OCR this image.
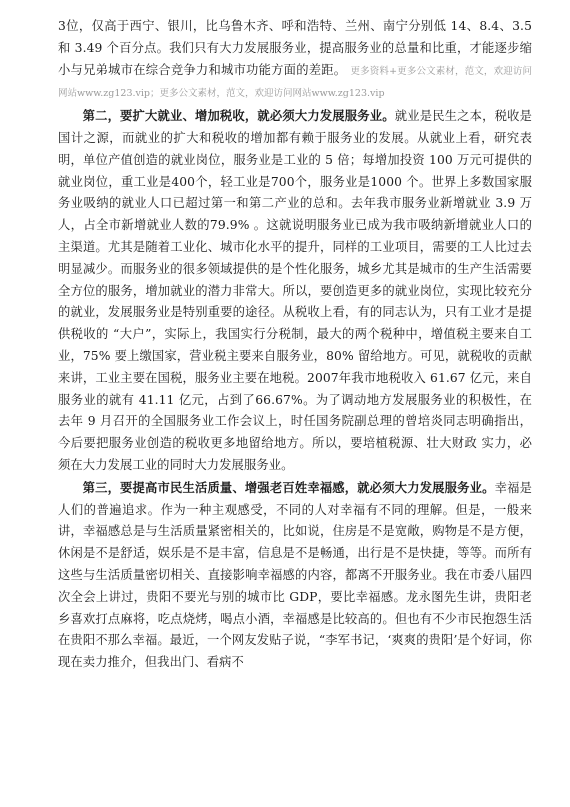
3位，仅高于西宁、银川，比乌鲁木齐、呼和浩特、兰州、南宁分别低 14、8.4、3.5和 3.49 个百分点。我们只有大力发展服务业，提高服务业的总量和比重，才能逐步缩小与兄弟城市在综合竞争力和城市功能方面的差距。 更多资料+更多公文素材，范文，欢迎访问网站www.zg123.vip；更多公文素材，范文，欢迎访问网站www.zg123.vip

第二，要扩大就业、增加税收，就必须大力发展服务业。就业是民生之本，税收是国计之源，而就业的扩大和税收的增加都有赖于服务业的发展。从就业上看，研究表明，单位产值创造的就业岗位，服务业是工业的 5 倍；每增加投资 100 万元可提供的就业岗位，重工业是400个，轻工业是700个，服务业是1000 个。世界上多数国家服务业吸纳的就业人口已超过第一和第二产业的总和。去年我市服务业新增就业 3.9 万人，占全市新增就业人数的79.9% 。这就说明服务业已成为我市吸纳新增就业人口的主渠道。尤其是随着工业化、城市化水平的提升，同样的工业项目，需要的工人比过去明显减少。而服务业的很多领域提供的是个性化服务，城乡尤其是城市的生产生活需要全方位的服务，增加就业的潜力非常大。所以，要创造更多的就业岗位，实现比较充分的就业，发展服务业是特别重要的途径。从税收上看，有的同志认为，只有工业才是提供税收的 “大户”，实际上，我国实行分税制，最大的两个税种中，增值税主要来自工业，75% 要上缴国家，营业税主要来自服务业，80% 留给地方。可见，就税收的贡献来讲，工业主要在国税，服务业主要在地税。2007年我市地税收入 61.67 亿元，来自服务业的就有 41.11 亿元，占到了66.67%。为了调动地方发展服务业的积极性，在去年 9 月召开的全国服务业工作会议上，时任国务院副总理的曾培炎同志明确指出，今后要把服务业创造的税收更多地留给地方。所以，要培植税源、壮大财政 实力，必须在大力发展工业的同时大力发展服务业。

第三，要提高市民生活质量、增强老百姓幸福感，就必须大力发展服务业。幸福是人们的普遍追求。作为一种主观感受，不同的人对幸福有不同的理解。但是，一般来讲，幸福感总是与生活质量紧密相关的，比如说，住房是不是宽敞，购物是不是方便，休闲是不是舒适，娱乐是不是丰富，信息是不是畅通，出行是不是快捷，等等。而所有这些与生活质量密切相关、直接影响幸福感的内容，都离不开服务业。我在市委八届四次全会上讲过，贵阳不要光与别的城市比 GDP，要比幸福感。龙永图先生讲，贵阳老乡喜欢打点麻将，吃点烧烤，喝点小酒，幸福感是比较高的。但也有不少市民抱怨生活在贵阳不那么幸福。最近，一个网友发贴子说，“李军书记，‘爽爽的贵阳’是个好词，你现在卖力推介，但我出门、看病不
